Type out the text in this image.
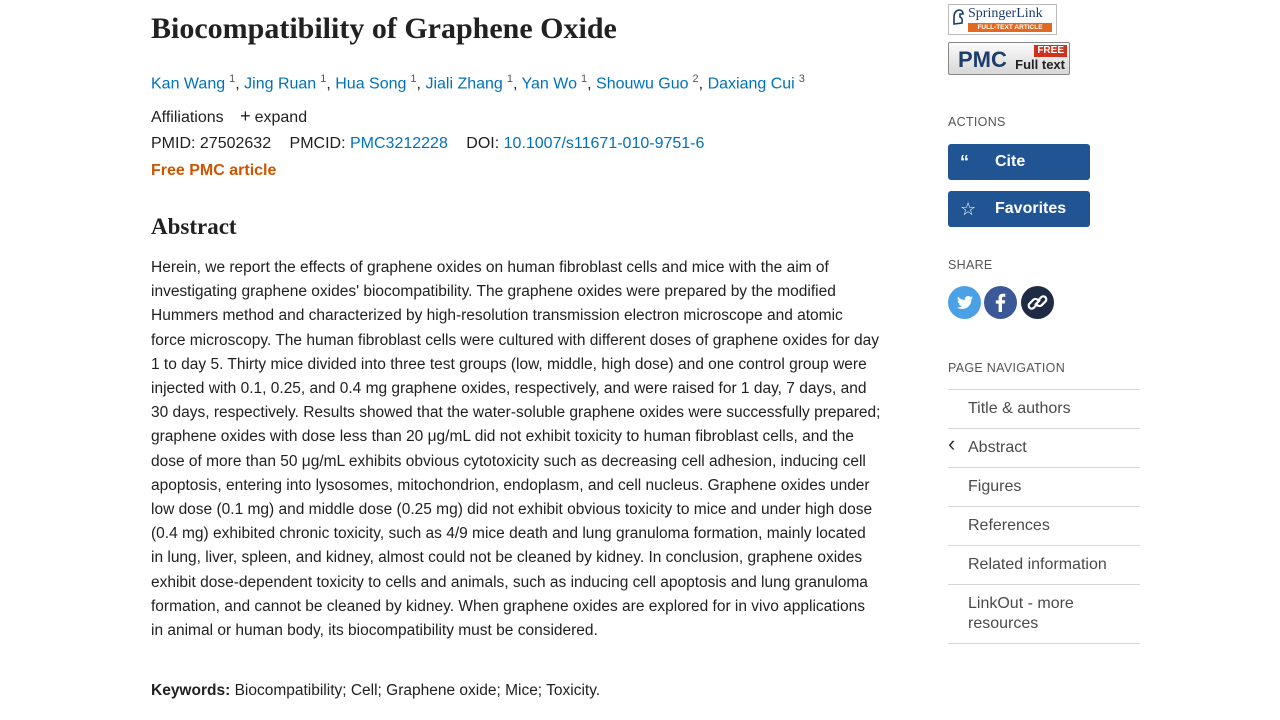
Biocompatibility of Graphene Oxide
Kan Wang $^1$, Jing Ruan $^1$, Hua Song $^1$, Jiali Zhang $^1$, Yan Wo $^1$, Shouwu Guo $^2$, Daxiang Cui $^3$
Affiliations + expand
PMID: 27502632 PMCID: PMC3212228 DOI: 10.1007/s11671-010-9751-6
Free PMC article
Abstract

Herein, we report the effects of graphene oxides on human fibroblast cells and mice with the aim of investigating graphene oxides' biocompatibility. The graphene oxides were prepared by the modified Hummers method and characterized by high-resolution transmission electron microscope and atomic force microscopy. The human fibroblast cells were cultured with different doses of graphene oxides for day 1 to day 5. Thirty mice divided into three test groups (low, middle, high dose) and one control group were injected with 0.1, 0.25, and 0.4 mg graphene oxides, respectively, and were raised for 1 day, 7 days, and 30 days, respectively. Results showed that the water-soluble graphene oxides were successfully prepared; graphene oxides with dose less than 20 μg/mL did not exhibit toxicity to human fibroblast cells, and the dose of more than 50 μg/mL exhibits obvious cytotoxicity such as decreasing cell adhesion, inducing cell apoptosis, entering into lysosomes, mitochondrion, endoplasm, and cell nucleus. Graphene oxides under low dose (0.1 mg) and middle dose (0.25 mg) did not exhibit obvious toxicity to mice and under high dose (0.4 mg) exhibited chronic toxicity, such as 4/9 mice death and lung granuloma formation, mainly located in lung, liver, spleen, and kidney, almost could not be cleaned by kidney. In conclusion, graphene oxides exhibit dose-dependent toxicity to cells and animals, such as inducing cell apoptosis and lung granuloma formation, and cannot be cleaned by kidney. When graphene oxides are explored for in vivo applications in animal or human body, its biocompatibility must be considered.

Keywords: Biocompatibility; Cell; Graphene oxide; Mice; Toxicity.
SpringerLink
FULL-TEXT ARTICLE
PMC	FREE
Full text
ACTIONS
“ Cite
☆ Favorites
SHARE
PAGE NAVIGATION
Title & authors
‹ Abstract
Figures
References
Related information
LinkOut - more resources
